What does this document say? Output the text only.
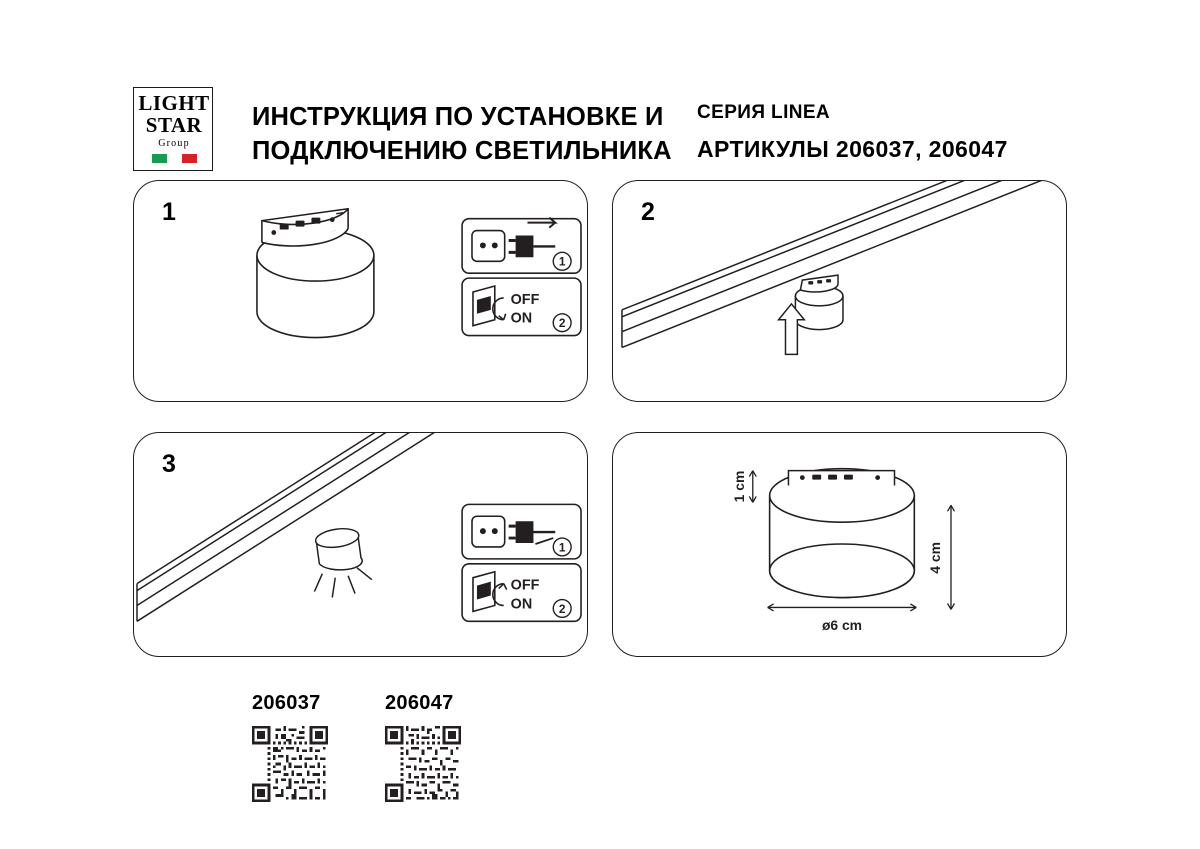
LIGHT
STAR
Group
ИНСТРУКЦИЯ ПО УСТАНОВКЕ И
ПОДКЛЮЧЕНИЮ СВЕТИЛЬНИКА
СЕРИЯ LINEA
АРТИКУЛЫ 206037, 206047
1
1
OFF
ON 2
2
3
1
OFF
ON 2
1 cm
4 cm
ø6 cm
206037	206047
